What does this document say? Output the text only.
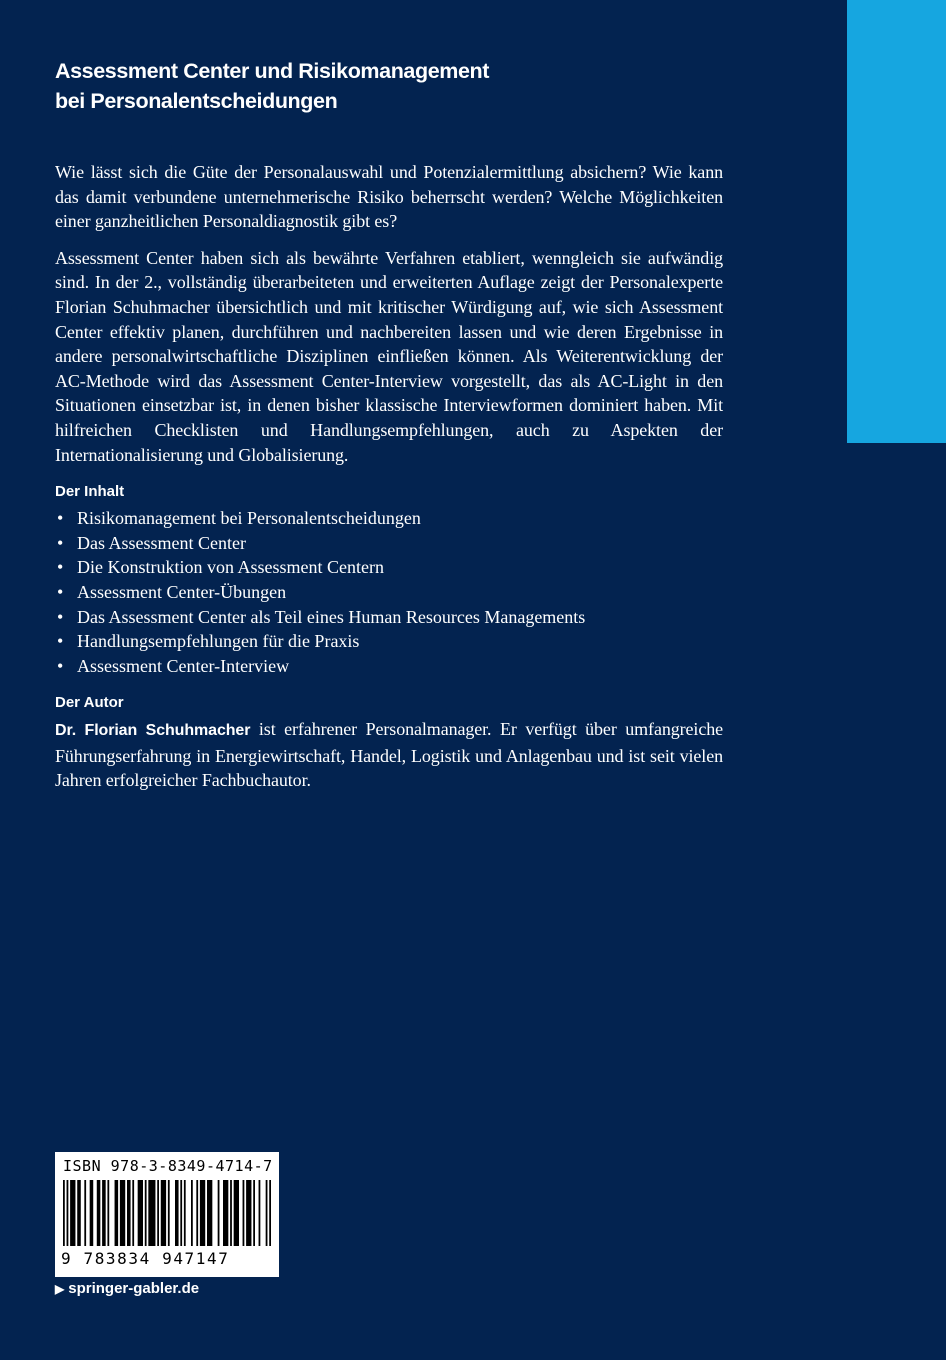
Assessment Center und Risikomanagement
bei Personalentscheidungen

Wie lässt sich die Güte der Personalauswahl und Potenzialermittlung absichern? Wie kann das damit verbundene unternehmerische Risiko beherrscht werden? Welche Möglichkeiten einer ganzheitlichen Personaldiagnostik gibt es?

Assessment Center haben sich als bewährte Verfahren etabliert, wenngleich sie aufwändig sind. In der 2., vollständig überarbeiteten und erweiterten Auflage zeigt der Personalexperte Florian Schuhmacher übersichtlich und mit kritischer Würdigung auf, wie sich Assessment Center effektiv planen, durchführen und nachbereiten lassen und wie deren Ergebnisse in andere personalwirtschaftliche Disziplinen einfließen können. Als Weiterentwicklung der AC-Methode wird das Assessment Center-Interview vorgestellt, das als AC-Light in den Situationen einsetzbar ist, in denen bisher klassische Interviewformen dominiert haben. Mit hilfreichen Checklisten und Handlungsempfehlungen, auch zu Aspekten der Internationalisierung und Globalisierung.

Der Inhalt
• Risikomanagement bei Personalentscheidungen
• Das Assessment Center
• Die Konstruktion von Assessment Centern
• Assessment Center-Übungen
• Das Assessment Center als Teil eines Human Resources Managements
• Handlungsempfehlungen für die Praxis
• Assessment Center-Interview
Der Autor

Dr. Florian Schuhmacher ist erfahrener Personalmanager. Er verfügt über umfangreiche Führungserfahrung in Energiewirtschaft, Handel, Logistik und Anlagenbau und ist seit vielen Jahren erfolgreicher Fachbuchautor.

ISBN 978-3-8349-4714-7
9 783834 947147
▶ springer-gabler.de
